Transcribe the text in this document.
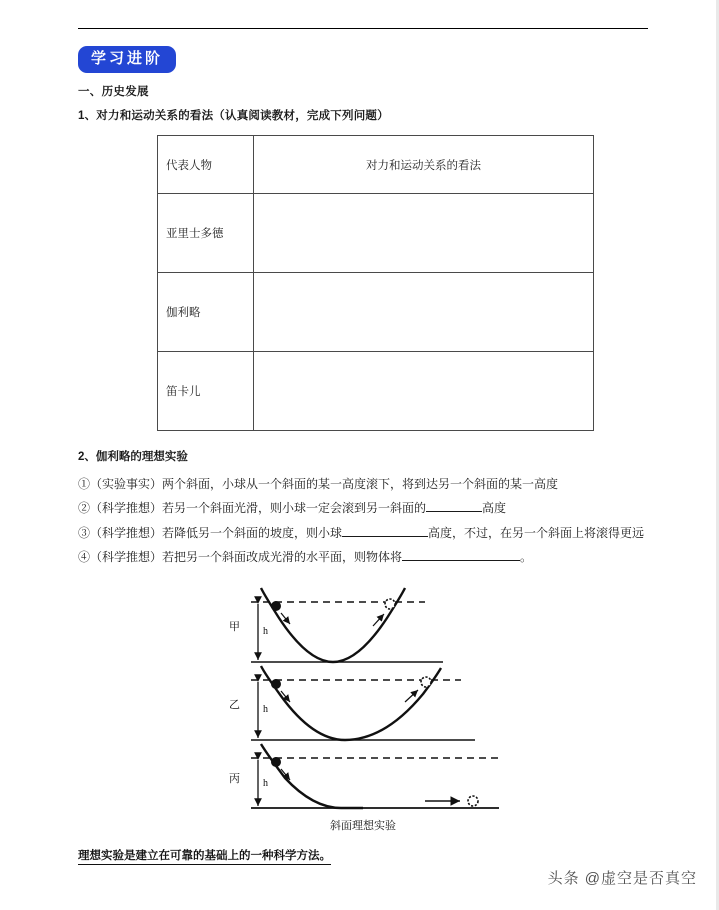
学习进阶
一、历史发展
1、对力和运动关系的看法（认真阅读教材，完成下列问题）
代表人物	对力和运动关系的看法
亚里士多德	
伽利略	
笛卡儿	
2、伽利略的理想实验

①（实验事实）两个斜面，小球从一个斜面的某一高度滚下，将到达另一个斜面的某一高度

②（科学推想）若另一个斜面光滑，则小球一定会滚到另一斜面的	高度

③（科学推想）若降低另一个斜面的坡度，则小球	高度，不过，在另一个斜面上将滚得更远

④（科学推想）若把另一个斜面改成光滑的水平面，则物体将	。

h
甲
h
乙
h
丙
斜面理想实验
理想实验是建立在可靠的基础上的一种科学方法。
头条 @虚空是否真空
